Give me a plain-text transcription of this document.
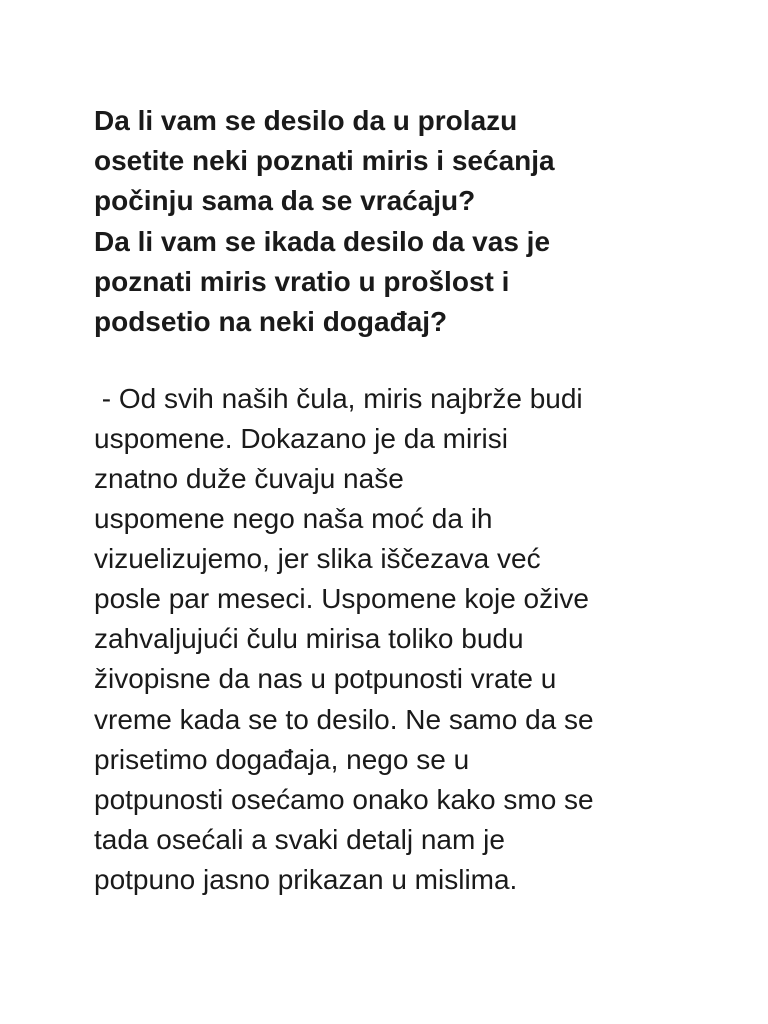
Da li vam se desilo da u prolazu
osetite neki poznati miris i sećanja
počinju sama da se vraćaju?
Da li vam se ikada desilo da vas je
poznati miris vratio u prošlost i
podsetio na neki događaj?
- Od svih naših čula, miris najbrže budi
uspomene. Dokazano je da mirisi
znatno duže čuvaju naše
uspomene nego naša moć da ih
vizuelizujemo, jer slika iščezava već
posle par meseci. Uspomene koje ožive
zahvaljujući čulu mirisa toliko budu
živopisne da nas u potpunosti vrate u
vreme kada se to desilo. Ne samo da se
prisetimo događaja, nego se u
potpunosti osećamo onako kako smo se
tada osećali a svaki detalj nam je
potpuno jasno prikazan u mislima.
